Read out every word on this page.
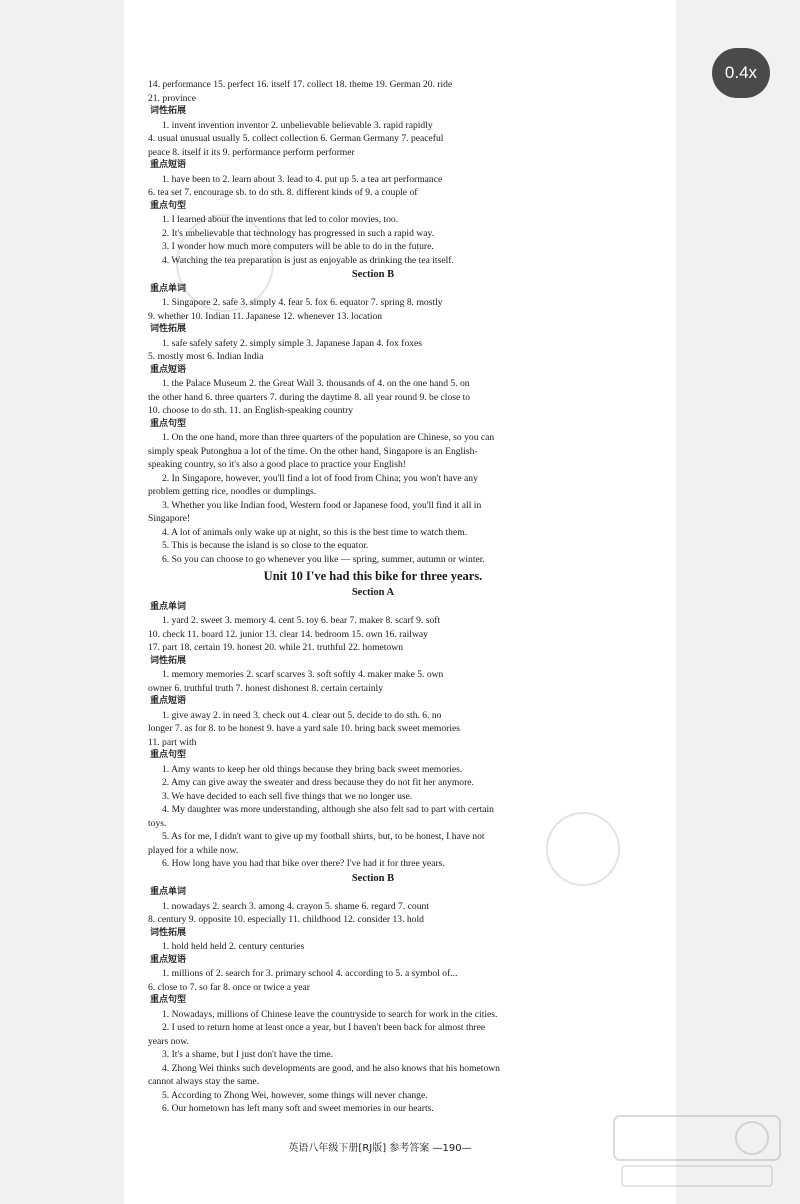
14. performance 15. perfect 16. itself 17. collect 18. theme 19. German 20. ride
21. province
词性拓展
1. invent invention inventor 2. unbelievable believable 3. rapid rapidly
4. usual unusual usually 5. collect collection 6. German Germany 7. peaceful
peace 8. itself it its 9. performance perform performer
重点短语
1. have been to 2. learn about 3. lead to 4. put up 5. a tea art performance
6. tea set 7. encourage sb. to do sth. 8. different kinds of 9. a couple of
重点句型
1. I learned about the inventions that led to color movies, too.
2. It's unbelievable that technology has progressed in such a rapid way.
3. I wonder how much more computers will be able to do in the future.
4. Watching the tea preparation is just as enjoyable as drinking the tea itself.
Section B
重点单词
1. Singapore 2. safe 3. simply 4. fear 5. fox 6. equator 7. spring 8. mostly
9. whether 10. Indian 11. Japanese 12. whenever 13. location
词性拓展
1. safe safely safety 2. simply simple 3. Japanese Japan 4. fox foxes
5. mostly most 6. Indian India
重点短语
1. the Palace Museum 2. the Great Wall 3. thousands of 4. on the one hand 5. on
the other hand 6. three quarters 7. during the daytime 8. all year round 9. be close to
10. choose to do sth. 11. an English-speaking country
重点句型
1. On the one hand, more than three quarters of the population are Chinese, so you can
simply speak Putonghua a lot of the time. On the other hand, Singapore is an English-
speaking country, so it's also a good place to practice your English!
2. In Singapore, however, you'll find a lot of food from China; you won't have any
problem getting rice, noodles or dumplings.
3. Whether you like Indian food, Western food or Japanese food, you'll find it all in
Singapore!
4. A lot of animals only wake up at night, so this is the best time to watch them.
5. This is because the island is so close to the equator.
6. So you can choose to go whenever you like — spring, summer, autumn or winter.
Unit 10 I've had this bike for three years.
Section A
重点单词
1. yard 2. sweet 3. memory 4. cent 5. toy 6. bear 7. maker 8. scarf 9. soft
10. check 11. board 12. junior 13. clear 14. bedroom 15. own 16. railway
17. part 18. certain 19. honest 20. while 21. truthful 22. hometown
词性拓展
1. memory memories 2. scarf scarves 3. soft softly 4. maker make 5. own
owner 6. truthful truth 7. honest dishonest 8. certain certainly
重点短语
1. give away 2. in need 3. check out 4. clear out 5. decide to do sth. 6. no
longer 7. as for 8. to be honest 9. have a yard sale 10. bring back sweet memories
11. part with
重点句型
1. Amy wants to keep her old things because they bring back sweet memories.
2. Amy can give away the sweater and dress because they do not fit her anymore.
3. We have decided to each sell five things that we no longer use.
4. My daughter was more understanding, although she also felt sad to part with certain
toys.
5. As for me, I didn't want to give up my football shirts, but, to be honest, I have not
played for a while now.
6. How long have you had that bike over there? I've had it for three years.
Section B
重点单词
1. nowadays 2. search 3. among 4. crayon 5. shame 6. regard 7. count
8. century 9. opposite 10. especially 11. childhood 12. consider 13. hold
词性拓展
1. hold held held 2. century centuries
重点短语
1. millions of 2. search for 3. primary school 4. according to 5. a symbol of...
6. close to 7. so far 8. once or twice a year
重点句型
1. Nowadays, millions of Chinese leave the countryside to search for work in the cities.
2. I used to return home at least once a year, but I haven't been back for almost three
years now.
3. It's a shame, but I just don't have the time.
4. Zhong Wei thinks such developments are good, and he also knows that his hometown
cannot always stay the same.
5. According to Zhong Wei, however, some things will never change.
6. Our hometown has left many soft and sweet memories in our hearts.
英语八年级下册[RJ版] 参考答案 —190—
0.4x
